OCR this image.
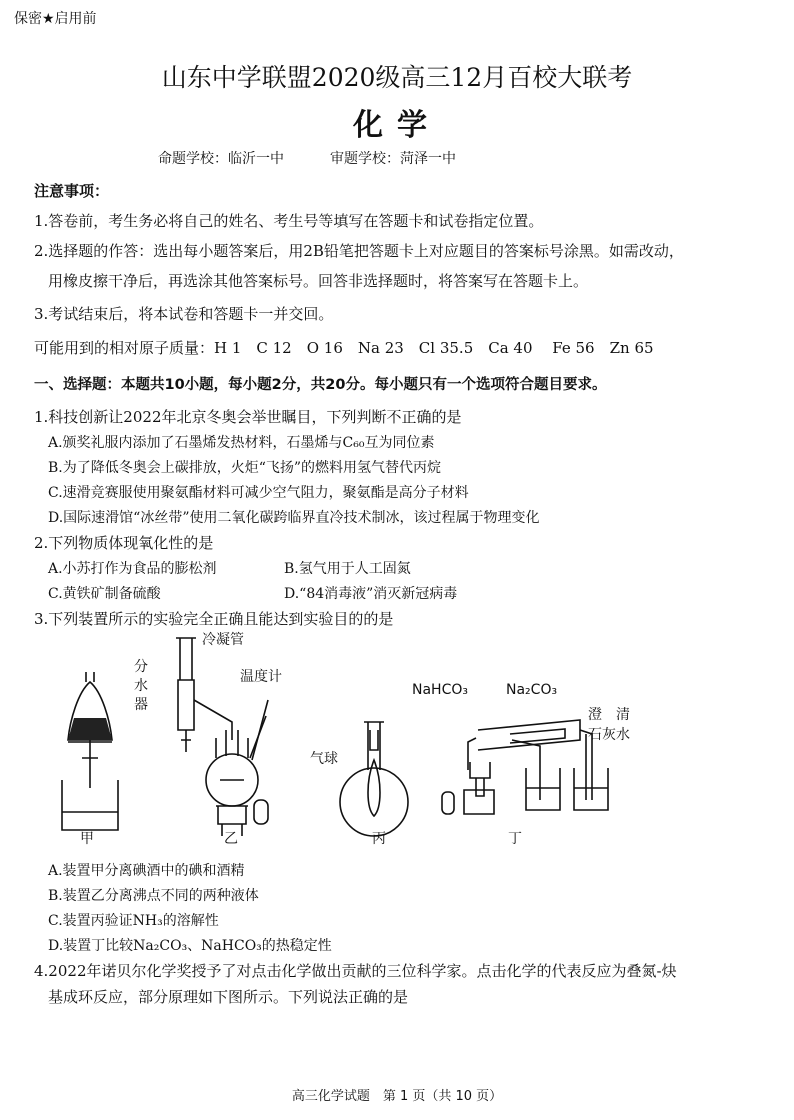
保密★启用前
山东中学联盟2020级高三12月百校大联考
化学
命题学校：临沂一中	审题学校：菏泽一中
注意事项：
1.答卷前，考生务必将自己的姓名、考生号等填写在答题卡和试卷指定位置。
2.选择题的作答：选出每小题答案后，用2B铅笔把答题卡上对应题目的答案标号涂黑。如需改动，
用橡皮擦干净后，再选涂其他答案标号。回答非选择题时，将答案写在答题卡上。
3.考试结束后，将本试卷和答题卡一并交回。
可能用到的相对原子质量：H 1　C 12　O 16　Na 23　Cl 35.5　Ca 40　 Fe 56　Zn 65
一、选择题：本题共10小题，每小题2分，共20分。每小题只有一个选项符合题目要求。
1.科技创新让2022年北京冬奥会举世瞩目，下列判断不正确的是
A.颁奖礼服内添加了石墨烯发热材料，石墨烯与C₆₀互为同位素
B.为了降低冬奥会上碳排放，火炬“飞扬”的燃料用氢气替代丙烷
C.速滑竞赛服使用聚氨酯材料可减少空气阻力，聚氨酯是高分子材料
D.国际速滑馆“冰丝带”使用二氧化碳跨临界直冷技术制冰，该过程属于物理变化
2.下列物质体现氧化性的是
A.小苏打作为食品的膨松剂	B.氢气用于人工固氮
C.黄铁矿制备硫酸	D.“84消毒液”消灭新冠病毒
3.下列装置所示的实验完全正确且能达到实验目的的是
冷凝管
分
水
器
温度计
气球
NaHCO₃	Na₂CO₃
澄　清
石灰水
甲	乙	丙	丁
A.装置甲分离碘酒中的碘和酒精
B.装置乙分离沸点不同的两种液体
C.装置丙验证NH₃的溶解性
D.装置丁比较Na₂CO₃、NaHCO₃的热稳定性
4.2022年诺贝尔化学奖授予了对点击化学做出贡献的三位科学家。点击化学的代表反应为叠氮-炔
基成环反应，部分原理如下图所示。下列说法正确的是
高三化学试题　第 1 页（共 10 页）
